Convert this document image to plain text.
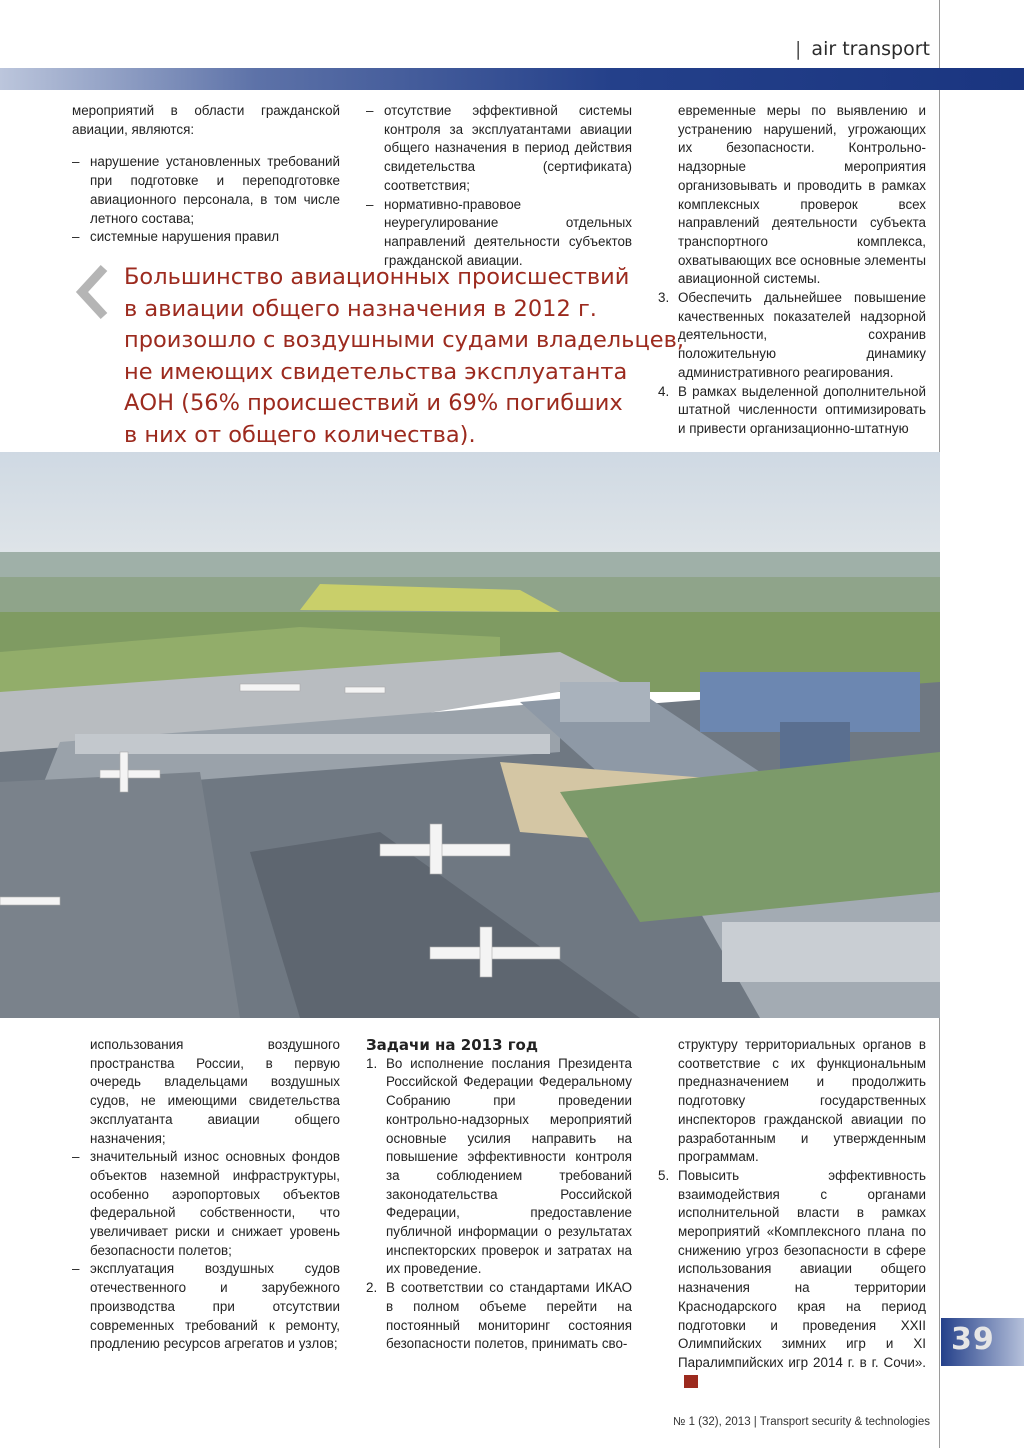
| air transport

мероприятий в области гражданской авиации, являются:

– нарушение установленных требований при подготовке и переподготовке авиационного персонала, в том числе летного состава;

– системные нарушения правил

– отсутствие эффективной системы контроля за эксплуатантами авиации общего назначения в период действия свидетельства (сертификата) соответствия;

– нормативно-правовое неурегулирование отдельных направлений деятельности субъектов гражданской авиации.

евременные меры по выявлению и устранению нарушений, угрожающих их безопасности. Контрольно-надзорные мероприятия организовывать и проводить в рамках комплексных проверок всех направлений деятельности субъекта транспортного комплекса, охватывающих все основные элементы авиационной системы.

3. Обеспечить дальнейшее повышение качественных показателей надзорной деятельности, сохранив положительную динамику административного реагирования.

4. В рамках выделенной дополнительной штатной численности оптимизировать и привести организационно-штатную

Большинство авиационных происшествий
в авиации общего назначения в 2012 г.
произошло с воздушными судами владельцев,
не имеющих свидетельства эксплуатанта
АОН (56% происшествий и 69% погибших
в них от общего количества).

использования воздушного пространства России, в первую очередь владельцами воздушных судов, не имеющими свидетельства эксплуатанта авиации общего назначения;

– значительный износ основных фондов объектов наземной инфраструктуры, особенно аэропортовых объектов федеральной собственности, что увеличивает риски и снижает уровень безопасности полетов;

– эксплуатация воздушных судов отечественного и зарубежного производства при отсутствии современных требований к ремонту, продлению ресурсов агрегатов и узлов;

Задачи на 2013 год

1. Во исполнение послания Президента Российской Федерации Федеральному Собранию при проведении контрольно-надзорных мероприятий основные усилия направить на повышение эффективности контроля за соблюдением требований законодательства Российской Федерации, предоставление публичной информации о результатах инспекторских проверок и затратах на их проведение.

2. В соответствии со стандартами ИКАО в полном объеме перейти на постоянный мониторинг состояния безопасности полетов, принимать сво-

структуру территориальных органов в соответствие с их функциональным предназначением и продолжить подготовку государственных инспекторов гражданской авиации по разработанным и утвержденным программам.

5. Повысить эффективность взаимодействия с органами исполнительной власти в рамках мероприятий «Комплексного плана по снижению угроз безопасности в сфере использования авиации общего назначения на территории Краснодарского края на период подготовки и проведения XXII Олимпийских зимних игр и XI Паралимпийских игр 2014 г. в г. Сочи».

39
№ 1 (32), 2013 | Transport security & technologies
